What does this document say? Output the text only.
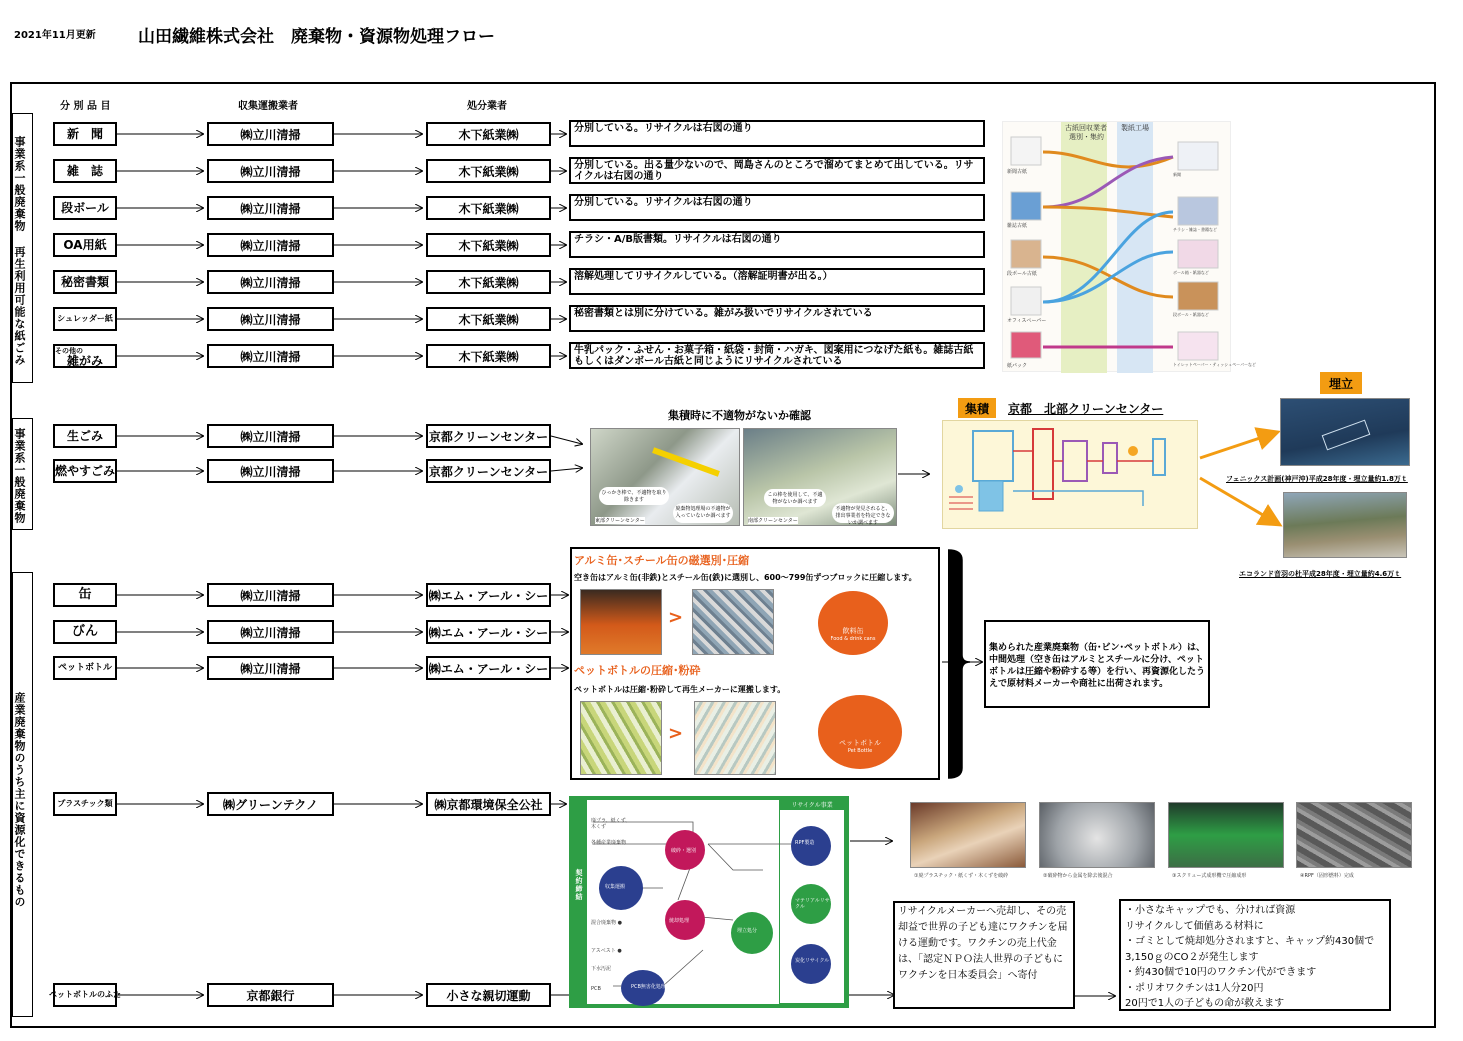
2021年11月更新 山田繊維株式会社　廃棄物・資源物処理フロー
分 別 品 目	収集運搬業者	処分業者
事業系一般廃棄物 再生利用可能な紙ごみ
事業系一般廃棄物
産業廃棄物のうち主に資源化できるもの
古紙回収業者
選別・集約
製紙工場
新聞古紙
雑誌古紙
段ボール古紙
オフィスペーパー
紙パック
新聞
チラシ・雑誌・書籍など
ボール箱・紙器など
段ボール・紙器など
トイレットペーパー・ティッシュペーパーなど
集積時に不適物がないか確認
ひっかき棒で、不適物を取り除きます
廃棄物処理場の不適物が入っていないか調べます
東部クリーンセンター
この棒を使用して、不適物がないか調べます
不適物が発見されると、排出事業者を特定できないか調べます
南部クリーンセンター
集積	京都　北部クリーンセンター
埋立
フェニックス計画(神戸沖)平成28年度・埋立量約1.8万ｔ
エコランド音羽の杜平成28年度・埋立量約4.6万ｔ
アルミ缶･スチール缶の磁選別･圧縮
空き缶はアルミ缶(非鉄)とスチール缶(鉄)に選別し、600～799缶ずつブロックに圧縮します。
>
飲料缶
Food & drink cans
ペットボトルの圧縮･粉砕
ペットボトルは圧縮･粉砕して再生メーカーに運搬します。
>	ペットボトル
Pet Bottle
集められた産業廃棄物（缶･ビン･ペットボトル）は、中間処理（空き缶はアルミとスチールに分け、ペットボトルは圧縮や粉砕する等）を行い、再資源化したうえで原材料メーカーや商社に出荷されます。
産業廃棄物の適正処理の事前確認・処理契約締結
リサイクル事業
廃プラ、紙くず、木くず
各種産業廃棄物
破砕・選別
収集運搬
焼却処理
混合廃棄物 ●
アスベスト ●
下水汚泥
PCB	PCB無害化処理
RPF製造
マテリアルリサイクル
埋立処分
炭化リサイクル
①廃プラスチック・紙くず・木くずを破砕	②破砕物から金属を除去後混合	③スクリュー式成形機で圧縮成形	④RPF（固形燃料）完成
リサイクルメーカーへ売却し、その売却益で世界の子ども達にワクチンを届ける運動です。ワクチンの売上代金は、「認定ＮＰＯ法人世界の子どもにワクチンを日本委員会」へ寄付
・小さなキャップでも、分ければ資源
リサイクルして価値ある材料に
・ゴミとして焼却処分されますと、キャップ約430個で
3,150ｇのCO２が発生します
・約430個で10円のワクチン代ができます
・ポリオワクチンは1人分20円
20円で1人の子どもの命が救えます
新　聞	㈱立川清掃	木下紙業㈱	分別している。リサイクルは右図の通り
雑　誌	㈱立川清掃	木下紙業㈱	分別している。出る量少ないので、岡島さんのところで溜めてまとめて出している。リサイクルは右図の通り
段ボール	㈱立川清掃	木下紙業㈱	分別している。リサイクルは右図の通り
OA用紙	㈱立川清掃	木下紙業㈱	チラシ・A/B版書類。リサイクルは右図の通り
秘密書類	㈱立川清掃	木下紙業㈱	溶解処理してリサイクルしている。（溶解証明書が出る。）
シュレッダー紙	㈱立川清掃	木下紙業㈱	秘密書類とは別に分けている。雑がみ扱いでリサイクルされている
その他の
雑がみ	㈱立川清掃	木下紙業㈱	牛乳パック・ふせん・お菓子箱・紙袋・封筒・ハガキ、図案用につなげた紙も。雑誌古紙もしくはダンボール古紙と同じようにリサイクルされている
生ごみ	㈱立川清掃	京都クリーンセンター
燃やすごみ	㈱立川清掃	京都クリーンセンター
缶	㈱立川清掃	㈱エム・アール・シー
びん	㈱立川清掃	㈱エム・アール・シー
ペットボトル	㈱立川清掃	㈱エム・アール・シー
プラスチック類	㈱グリーンテクノ	㈱京都環境保全公社
ペットボトルのふた	京都銀行	小さな親切運動
